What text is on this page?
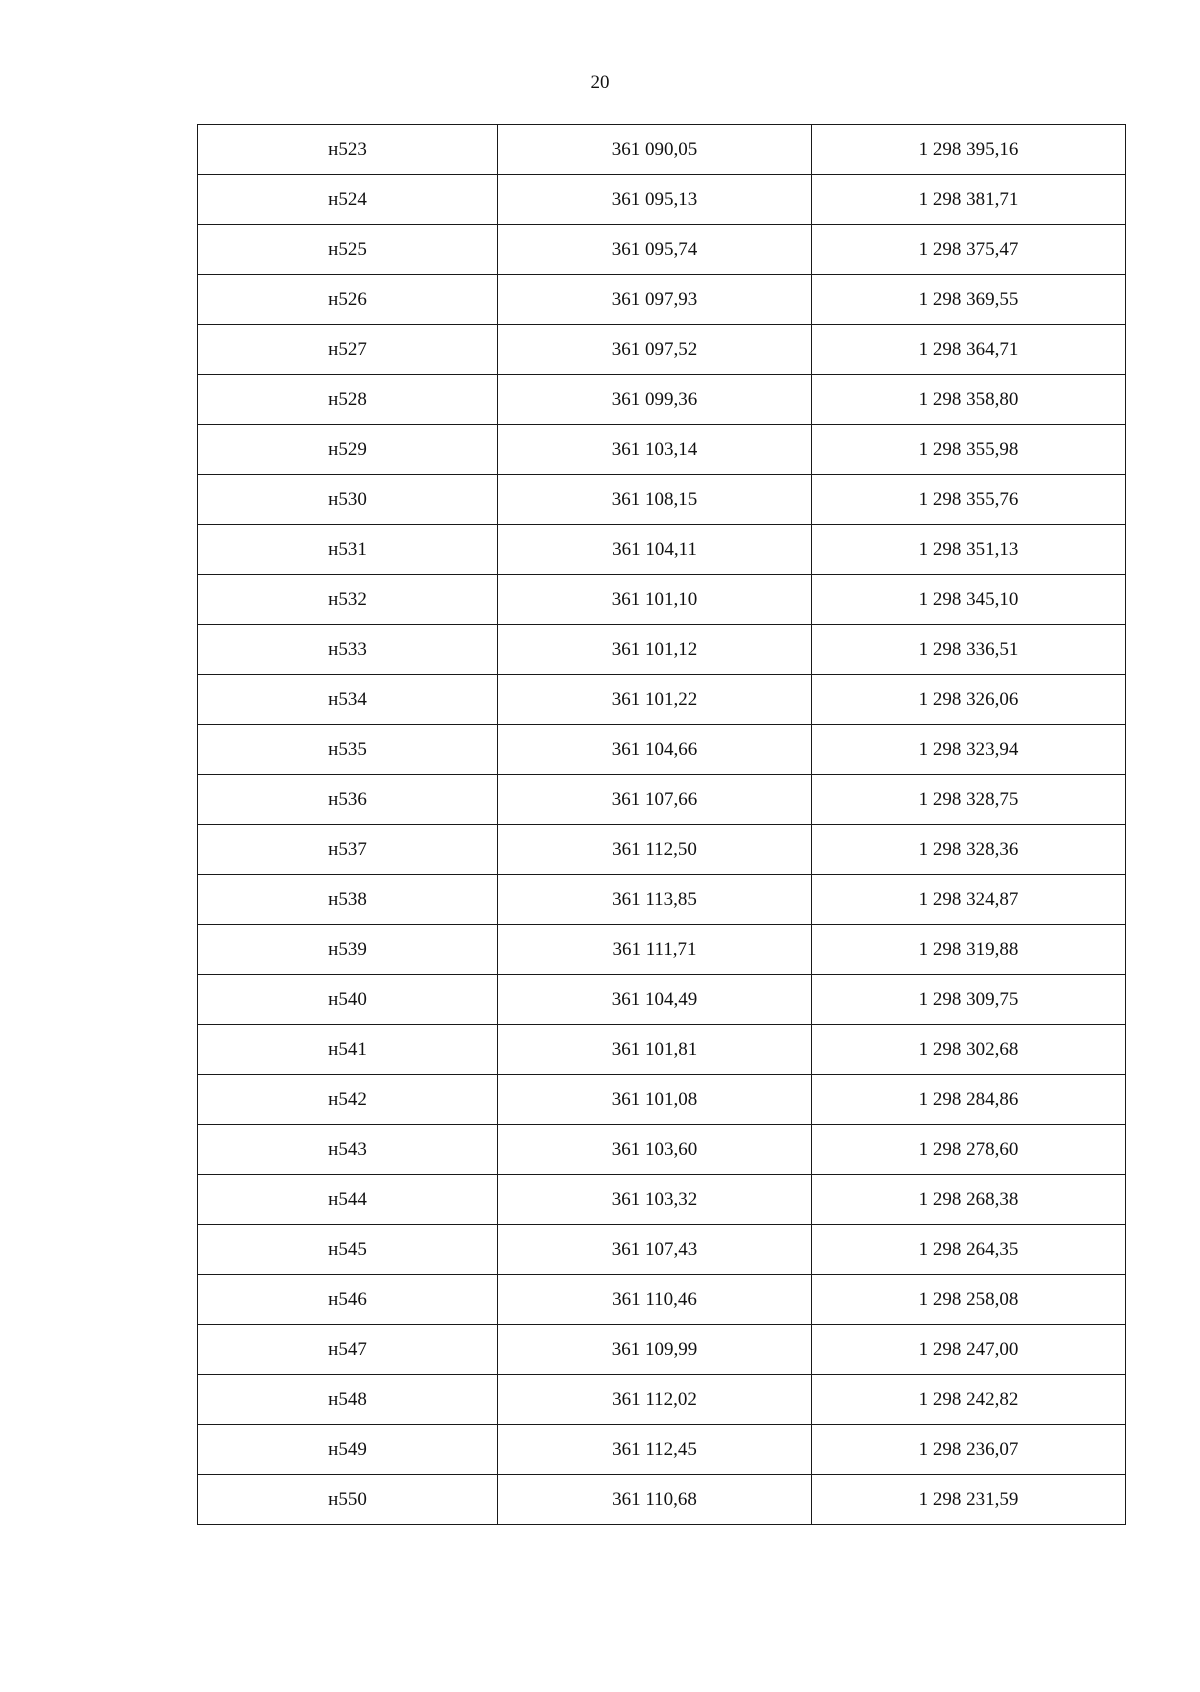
20
н523	361 090,05	1 298 395,16
н524	361 095,13	1 298 381,71
н525	361 095,74	1 298 375,47
н526	361 097,93	1 298 369,55
н527	361 097,52	1 298 364,71
н528	361 099,36	1 298 358,80
н529	361 103,14	1 298 355,98
н530	361 108,15	1 298 355,76
н531	361 104,11	1 298 351,13
н532	361 101,10	1 298 345,10
н533	361 101,12	1 298 336,51
н534	361 101,22	1 298 326,06
н535	361 104,66	1 298 323,94
н536	361 107,66	1 298 328,75
н537	361 112,50	1 298 328,36
н538	361 113,85	1 298 324,87
н539	361 111,71	1 298 319,88
н540	361 104,49	1 298 309,75
н541	361 101,81	1 298 302,68
н542	361 101,08	1 298 284,86
н543	361 103,60	1 298 278,60
н544	361 103,32	1 298 268,38
н545	361 107,43	1 298 264,35
н546	361 110,46	1 298 258,08
н547	361 109,99	1 298 247,00
н548	361 112,02	1 298 242,82
н549	361 112,45	1 298 236,07
н550	361 110,68	1 298 231,59
